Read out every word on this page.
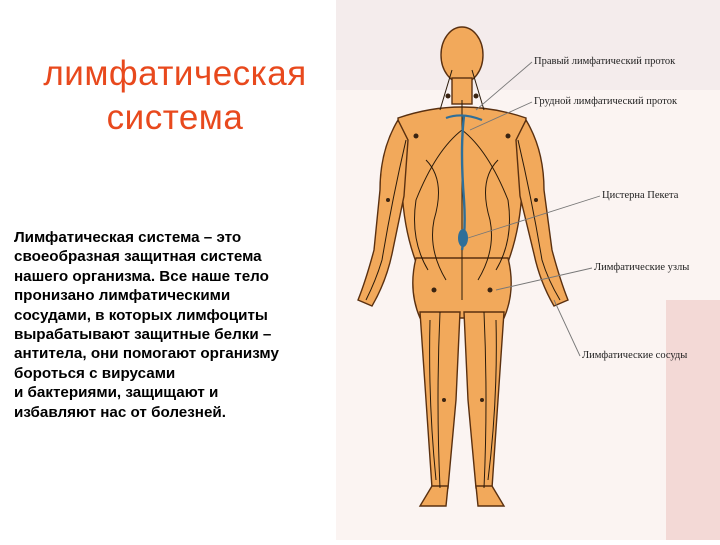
лимфатическая
система
Лимфатическая система – это
своеобразная защитная система
нашего организма. Все наше тело
пронизано лимфатическими
сосудами, в которых лимфоциты
вырабатывают защитные белки –
антитела, они помогают организму
бороться с вирусами
и бактериями, защищают и
избавляют нас от болезней.
Правый лимфатический проток
Грудной лимфатический проток
Цистерна Пекета
Лимфатические узлы
Лимфатические сосуды
